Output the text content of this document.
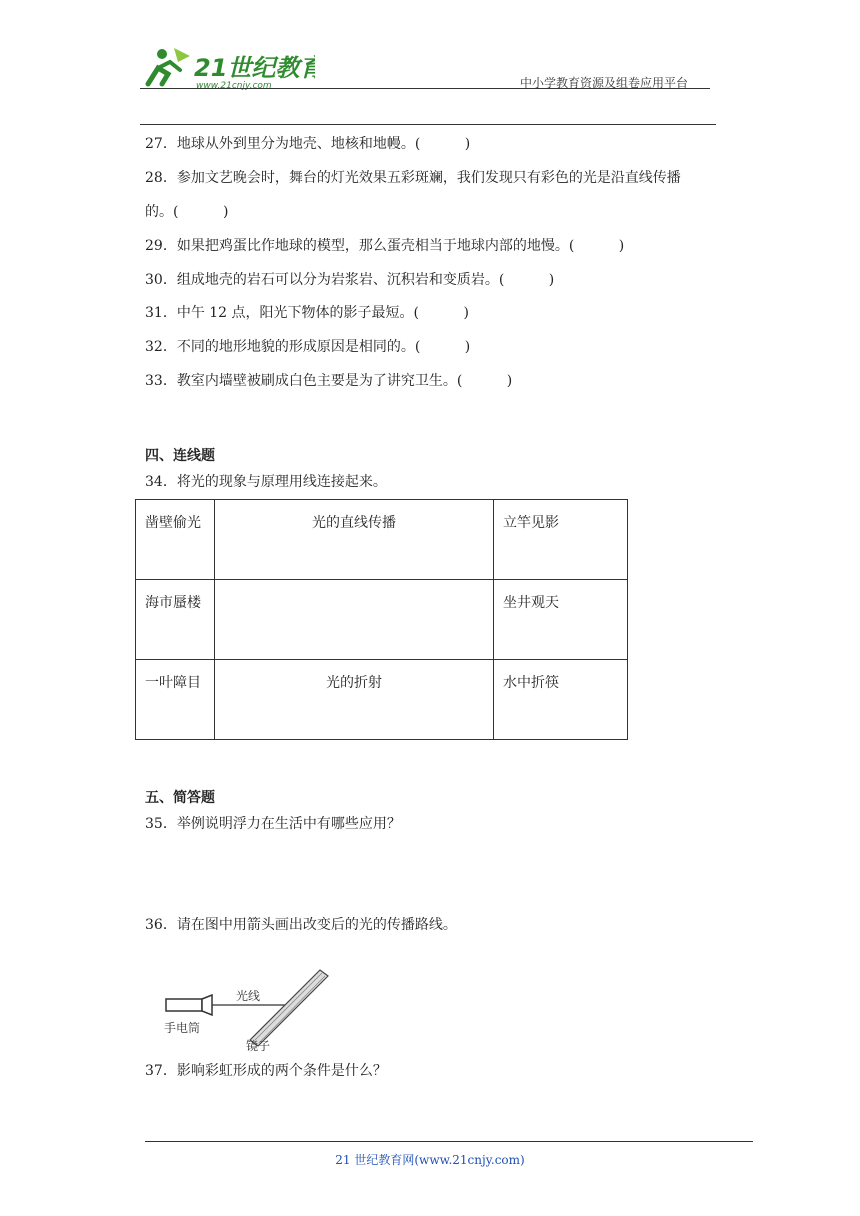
21世纪教育
www.21cnjy.com	中小学教育资源及组卷应用平台
27．地球从外到里分为地壳、地核和地幔。(          )
28．参加文艺晚会时，舞台的灯光效果五彩斑斓，我们发现只有彩色的光是沿直线传播
的。(          )
29．如果把鸡蛋比作地球的模型，那么蛋壳相当于地球内部的地慢。(          )
30．组成地壳的岩石可以分为岩浆岩、沉积岩和变质岩。(          )
31．中午 12 点，阳光下物体的影子最短。(          )
32．不同的地形地貌的形成原因是相同的。(          )
33．教室内墙壁被刷成白色主要是为了讲究卫生。(          )
四、连线题
34．将光的现象与原理用线连接起来。
凿壁偷光	光的直线传播	立竿见影
海市蜃楼		坐井观天
一叶障目	光的折射	水中折筷
五、简答题
35．举例说明浮力在生活中有哪些应用？
36．请在图中用箭头画出改变后的光的传播路线。
光线
手电筒
镜子
37．影响彩虹形成的两个条件是什么？
21 世纪教育网(www.21cnjy.com)
